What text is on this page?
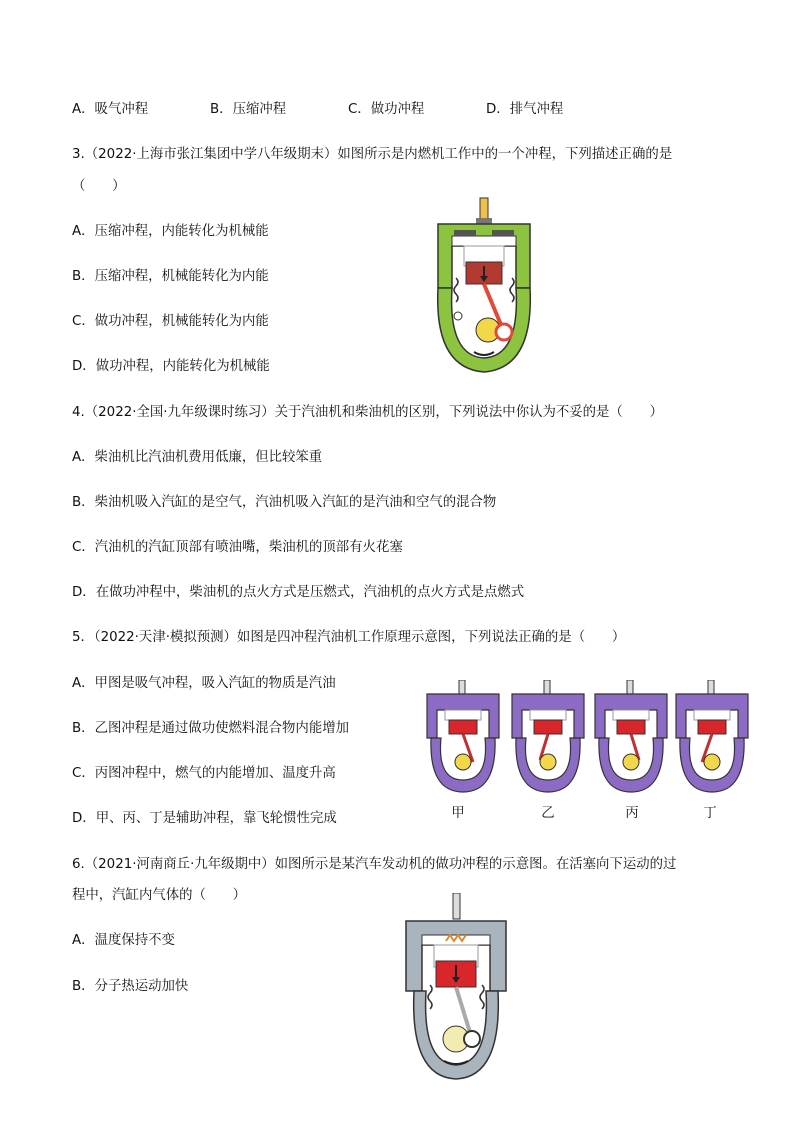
A．吸气冲程	B．压缩冲程	C．做功冲程	D．排气冲程
3.（2022·上海市张江集团中学八年级期末）如图所示是内燃机工作中的一个冲程，下列描述正确的是
（　　）
A．压缩冲程，内能转化为机械能
B．压缩冲程，机械能转化为内能
C．做功冲程，机械能转化为内能
D．做功冲程，内能转化为机械能
4.（2022·全国·九年级课时练习）关于汽油机和柴油机的区别，下列说法中你认为不妥的是（　　）
A．柴油机比汽油机费用低廉，但比较笨重
B．柴油机吸入汽缸的是空气，汽油机吸入汽缸的是汽油和空气的混合物
C．汽油机的汽缸顶部有喷油嘴，柴油机的顶部有火花塞
D．在做功冲程中，柴油机的点火方式是压燃式，汽油机的点火方式是点燃式
5．（2022·天津·模拟预测）如图是四冲程汽油机工作原理示意图，下列说法正确的是（　　）
A．甲图是吸气冲程，吸入汽缸的物质是汽油
B．乙图冲程是通过做功使燃料混合物内能增加
C．丙图冲程中，燃气的内能增加、温度升高
D．甲、丙、丁是辅助冲程，靠飞轮惯性完成	甲	乙	丙	丁
6.（2021·河南商丘·九年级期中）如图所示是某汽车发动机的做功冲程的示意图。在活塞向下运动的过
程中，汽缸内气体的（　　）
A．温度保持不变
B．分子热运动加快
